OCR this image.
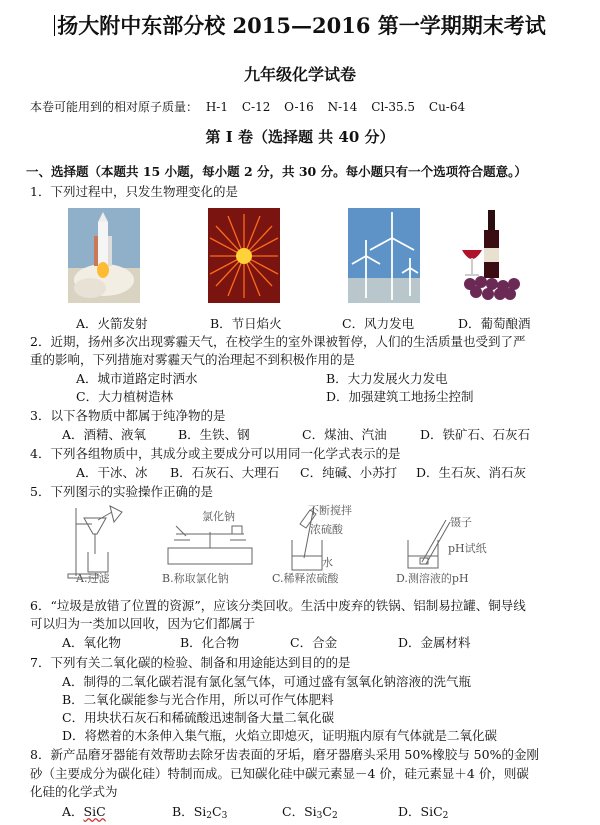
扬大附中东部分校 2015—2016 第一学期期末考试
九年级化学试卷
本卷可能用到的相对原子质量： H-1 C-12 O-16 N-14 Cl-35.5 Cu-64
第 I 卷（选择题 共 40 分）
一、选择题（本题共 15 小题，每小题 2 分，共 30 分。每小题只有一个选项符合题意。）
1．下列过程中，只发生物理变化的是
A．火箭发射	B．节日焰火	C．风力发电	D．葡萄酿酒
2．近期，扬州多次出现雾霾天气，在校学生的室外课被暂停，人们的生活质量也受到了严
重的影响，下列措施对雾霾天气的治理起不到积极作用的是
A．城市道路定时洒水	B．大力发展火力发电
C．大力植树造林	D．加强建筑工地扬尘控制
3．以下各物质中都属于纯净物的是
A．酒精、液氧	B．生铁、钢	C．煤油、汽油	D．铁矿石、石灰石
4．下列各组物质中，其成分或主要成分可以用同一化学式表示的是
A．干冰、冰 B．石灰石、大理石 C．纯碱、小苏打 D．生石灰、消石灰
5．下列图示的实验操作正确的是
A.过滤
氯化钠
B.称取氯化钠
不断搅拌
浓硫酸
水
C.稀释浓硫酸
镊子
pH试纸
D.测溶液的pH
6．“垃圾是放错了位置的资源”，应该分类回收。生活中废弃的铁锅、铝制易拉罐、铜导线
可以归为一类加以回收，因为它们都属于
A．氧化物	B．化合物	C．合金	D．金属材料
7．下列有关二氧化碳的检验、制备和用途能达到目的的是
A．制得的二氧化碳若混有氯化氢气体，可通过盛有氢氧化钠溶液的洗气瓶
B．二氧化碳能参与光合作用，所以可作气体肥料
C．用块状石灰石和稀硫酸迅速制备大量二氧化碳
D．将燃着的木条伸入集气瓶，火焰立即熄灭，证明瓶内原有气体就是二氧化碳
8．新产品磨牙器能有效帮助去除牙齿表面的牙垢，磨牙器磨头采用 50%橡胶与 50%的金刚
砂（主要成分为碳化硅）特制而成。已知碳化硅中碳元素显－4 价，硅元素显＋4 价，则碳
化硅的化学式为
A．SiC	B．Si2C3	C．Si3C2	D．SiC2
